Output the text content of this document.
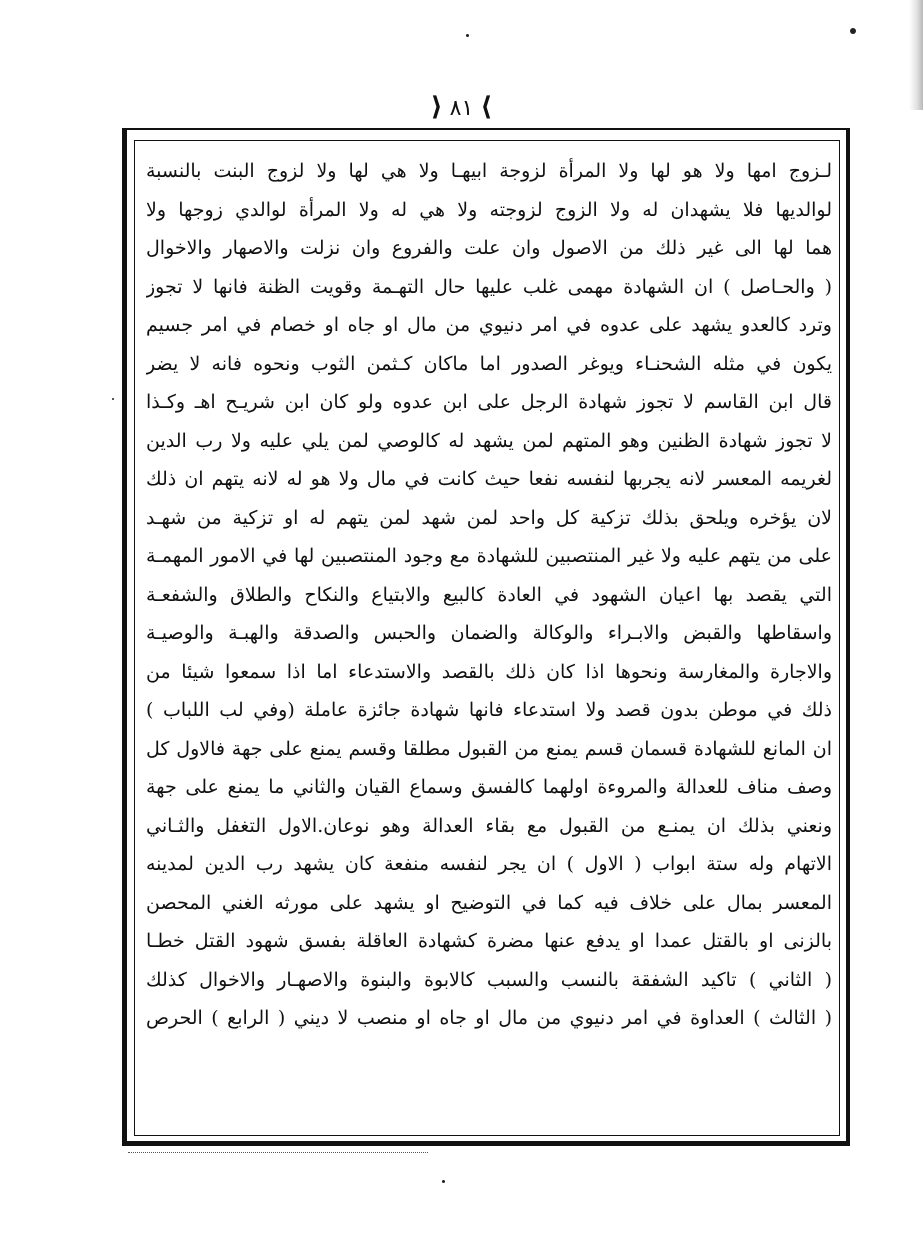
⟩ ٨١ ⟨
لـزوج امها ولا هو لها ولا المرأة لزوجة ابيهـا ولا هي لها ولا لزوج البنت بالنسبة
لوالديها فلا يشهدان له ولا الزوج لزوجته ولا هي له ولا المرأة لوالدي زوجها ولا
هما لها الى غير ذلك من الاصول وان علت والفروع وان نزلت والاصهار والاخوال
( والحـاصل ) ان الشهادة مهمى غلب عليها حال التهـمة وقويت الظنة فانها لا تجوز
وترد كالعدو يشهد على عدوه في امر دنيوي من مال او جاه او خصام في امر جسيم
يكون في مثله الشحنـاء ويوغر الصدور اما ماكان كـثمن الثوب ونحوه فانه لا يضر
قال ابن القاسم لا تجوز شهادة الرجل على ابن عدوه ولو كان ابن شريـح اهـ وكـذا
لا تجوز شهادة الظنين وهو المتهم لمن يشهد له كالوصي لمن يلي عليه ولا رب الدين
لغريمه المعسر لانه يجربها لنفسه نفعا حيث كانت في مال ولا هو له لانه يتهم ان ذلك
لان يؤخره ويلحق بذلك تزكية كل واحد لمن شهد لمن يتهم له او تزكية من شهـد
على من يتهم عليه ولا غير المنتصبين للشهادة مع وجود المنتصبين لها في الامور المهمـة
التي يقصد بها اعيان الشهود في العادة كالبيع والابتياع والنكاح والطلاق والشفعـة
واسقاطها والقبض والابـراء والوكالة والضمان والحبس والصدقة والهبـة والوصيـة
والاجارة والمغارسة ونحوها اذا كان ذلك بالقصد والاستدعاء اما اذا سمعوا شيئا من
ذلك في موطن بدون قصد ولا استدعاء فانها شهادة جائزة عاملة (وفي لب اللباب )
ان المانع للشهادة قسمان قسم يمنع من القبول مطلقا وقسم يمنع على جهة فالاول كل
وصف مناف للعدالة والمروءة اولهما كالفسق وسماع القيان والثاني ما يمنع على جهة
ونعني بذلك ان يمنـع من القبول مع بقاء العدالة وهو نوعان.الاول التغفل والثـاني
الاتهام وله ستة ابواب ( الاول ) ان يجر لنفسه منفعة كان يشهد رب الدين لمدينه
المعسر بمال على خلاف فيه كما في التوضيح او يشهد على مورثه الغني المحصن
بالزنى او بالقتل عمدا او يدفع عنها مضرة كشهادة العاقلة بفسق شهود القتل خطـا
( الثاني ) تاكيد الشفقة بالنسب والسبب كالابوة والبنوة والاصهـار والاخوال كذلك
( الثالث ) العداوة في امر دنيوي من مال او جاه او منصب لا ديني ( الرابع ) الحرص
